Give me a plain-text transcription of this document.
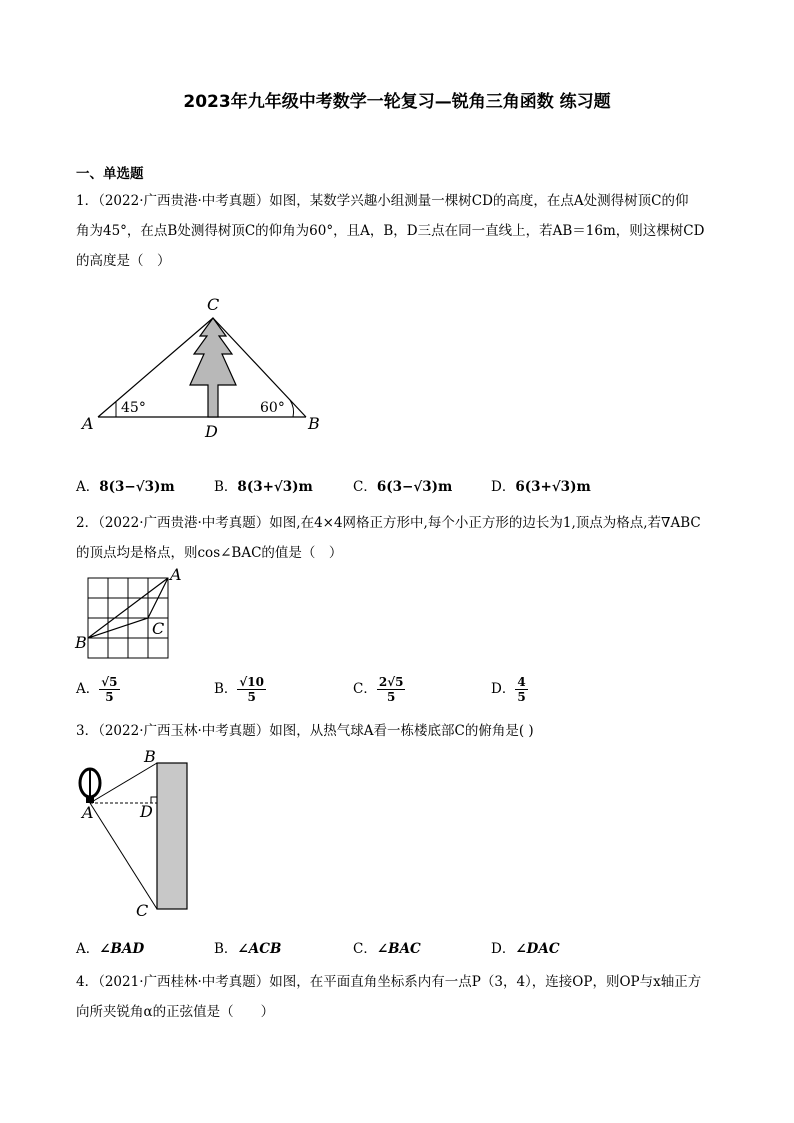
2023年九年级中考数学一轮复习—锐角三角函数 练习题
一、单选题
1．（2022·广西贵港·中考真题）如图，某数学兴趣小组测量一棵树CD的高度，在点A处测得树顶C的仰
角为45°，在点B处测得树顶C的仰角为60°，且A，B，D三点在同一直线上，若AB＝16m，则这棵树CD
的高度是（　）
C
A	D	B
45°	60°
A．8(3−√3)m	B．8(3+√3)m	C．6(3−√3)m	D．6(3+√3)m
2．（2022·广西贵港·中考真题）如图,在4×4网格正方形中,每个小正方形的边长为1,顶点为格点,若∇ABC
的顶点均是格点，则cos∠BAC的值是（　）
A
B
C
A． $\frac{√5}{5}$	B． $\frac{√10}{5}$	C． $\frac{2√5}{5}$	D． $\frac{4}{5}$
3．（2022·广西玉林·中考真题）如图，从热气球A看一栋楼底部C的俯角是( )
B
A	D
C
A．∠BAD	B．∠ACB	C．∠BAC	D．∠DAC
4．（2021·广西桂林·中考真题）如图，在平面直角坐标系内有一点P（3，4），连接OP，则OP与x轴正方
向所夹锐角α的正弦值是（　　）
